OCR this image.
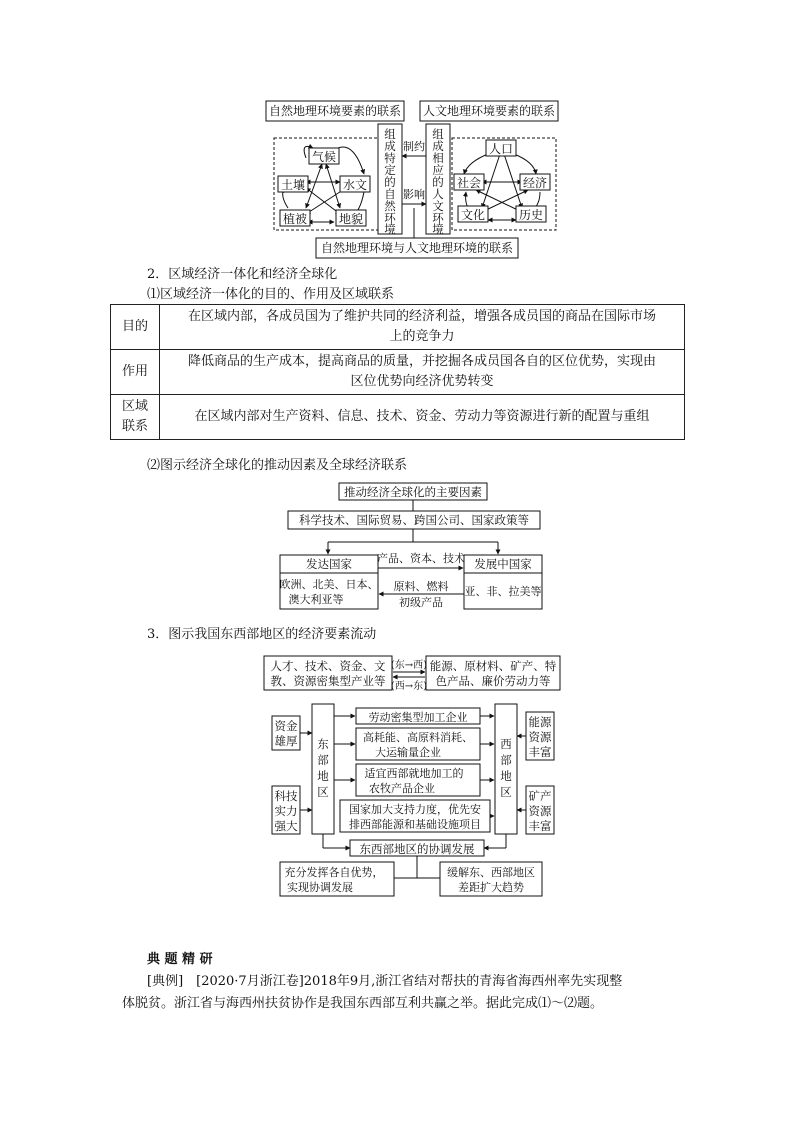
自然地理环境要素的联系 人文地理环境要素的联系
气候
土壤	水文
植被	地貌
人口
社会	经济
文化	历史
组
成
特
定
的
自
然
环
境
组
成
相
应
的
人
文
环
境
制约
影响
自然地理环境与人文地理环境的联系
2．区域经济一体化和经济全球化
⑴区域经济一体化的目的、作用及区域联系
目的	在区域内部，各成员国为了维护共同的经济利益，增强各成员国的商品在国际市场
上的竞争力

作用	降低商品的生产成本，提高商品的质量，并挖掘各成员国各自的区位优势，实现由
区位优势向经济优势转变

区域
联系	在区域内部对生产资料、信息、技术、资金、劳动力等资源进行新的配置与重组
⑵图示经济全球化的推动因素及全球经济联系
推动经济全球化的主要因素
科学技术、国际贸易、跨国公司、国家政策等
发达国家
欧洲、北美、日本、
澳大利亚等
发展中国家
亚、非、拉美等
产品、资本、技术
原料、燃料
初级产品
3．图示我国东西部地区的经济要素流动
人才、技术、资金、文
教、资源密集型产业等
能源、原材料、矿产、特
色产品、廉价劳动力等
(东→西)
(西→东)
资金
雄厚
科技
实力
强大
能源
资源
丰富
矿产
资源
丰富
东
部
地
区
西
部
地
区
劳动密集型加工企业
高耗能、高原料消耗、
大运输量企业
适宜西部就地加工的
农牧产品企业
国家加大支持力度，优先安
排西部能源和基础设施项目
东西部地区的协调发展
充分发挥各自优势，
实现协调发展
缓解东、西部地区
差距扩大趋势
典 题 精 研
[典例]　[2020·7月浙江卷]2018年9月,浙江省结对帮扶的青海省海西州率先实现整
体脱贫。浙江省与海西州扶贫协作是我国东西部互利共赢之举。据此完成⑴～⑵题。
